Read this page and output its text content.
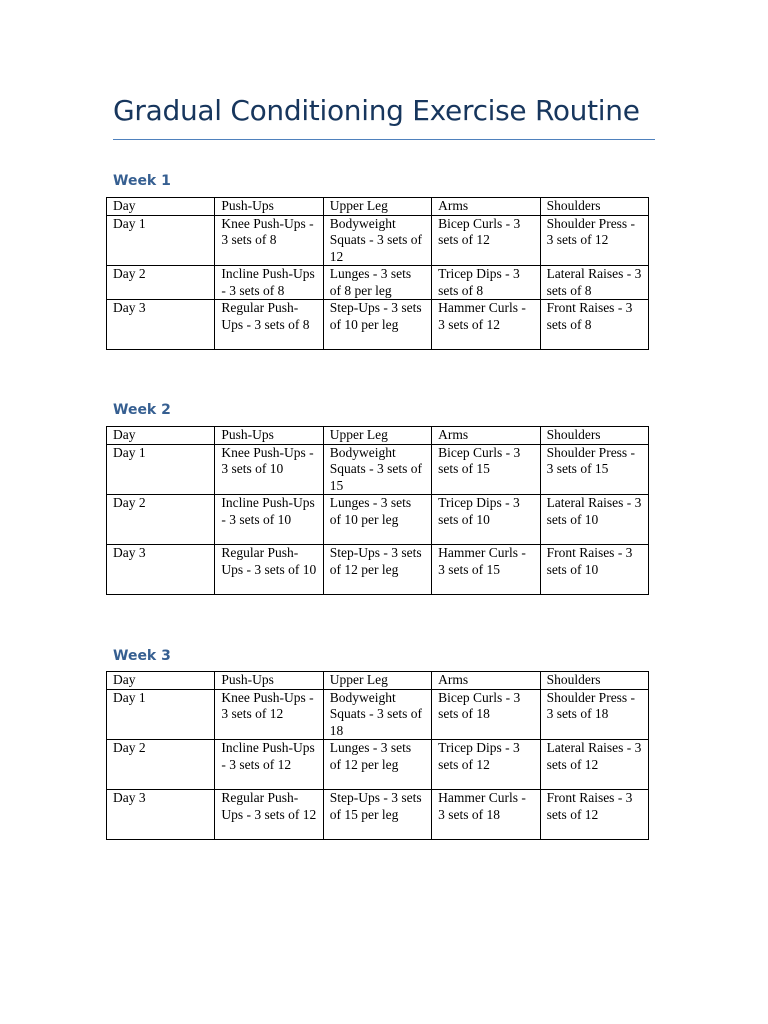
Gradual Conditioning Exercise Routine
Week 1
Day	Push-Ups	Upper Leg	Arms	Shoulders
Day 1	Knee Push-Ups - 3 sets of 8	Bodyweight Squats - 3 sets of 12	Bicep Curls - 3 sets of 12	Shoulder Press - 3 sets of 12
Day 2	Incline Push-Ups - 3 sets of 8	Lunges - 3 sets of 8 per leg	Tricep Dips - 3 sets of 8	Lateral Raises - 3 sets of 8
Day 3	Regular Push-Ups - 3 sets of 8	Step-Ups - 3 sets of 10 per leg	Hammer Curls - 3 sets of 12	Front Raises - 3 sets of 8
Week 2
Day	Push-Ups	Upper Leg	Arms	Shoulders
Day 1	Knee Push-Ups - 3 sets of 10	Bodyweight Squats - 3 sets of 15	Bicep Curls - 3 sets of 15	Shoulder Press - 3 sets of 15
Day 2	Incline Push-Ups - 3 sets of 10	Lunges - 3 sets of 10 per leg	Tricep Dips - 3 sets of 10	Lateral Raises - 3 sets of 10
Day 3	Regular Push-Ups - 3 sets of 10	Step-Ups - 3 sets of 12 per leg	Hammer Curls - 3 sets of 15	Front Raises - 3 sets of 10
Week 3
Day	Push-Ups	Upper Leg	Arms	Shoulders
Day 1	Knee Push-Ups - 3 sets of 12	Bodyweight Squats - 3 sets of 18	Bicep Curls - 3 sets of 18	Shoulder Press - 3 sets of 18
Day 2	Incline Push-Ups - 3 sets of 12	Lunges - 3 sets of 12 per leg	Tricep Dips - 3 sets of 12	Lateral Raises - 3 sets of 12
Day 3	Regular Push-Ups - 3 sets of 12	Step-Ups - 3 sets of 15 per leg	Hammer Curls - 3 sets of 18	Front Raises - 3 sets of 12
